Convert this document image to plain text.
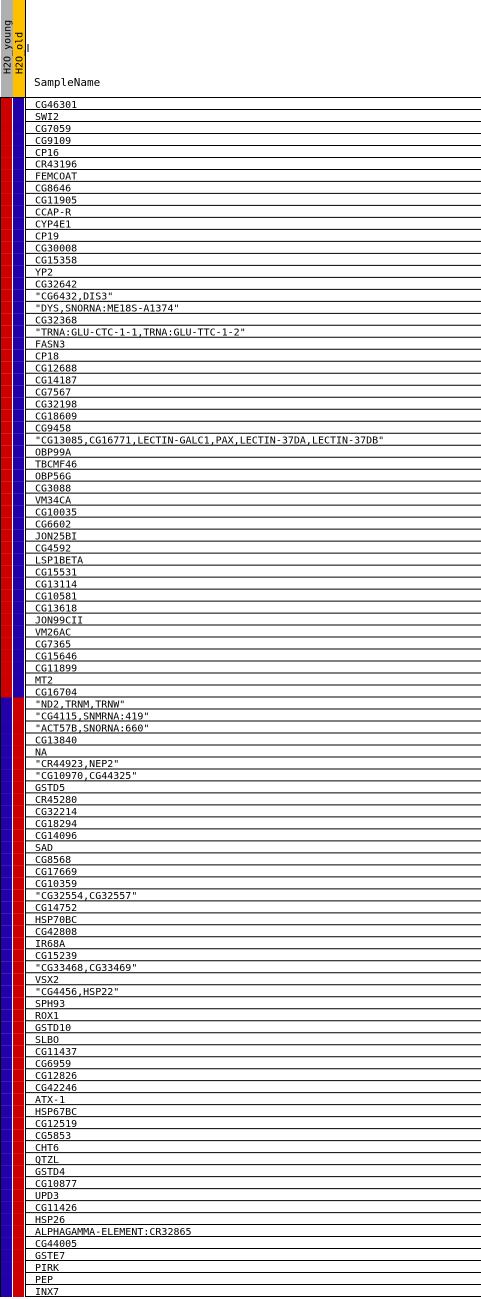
H2O_young H2O_old
SampleName
CG46301
SWI2
CG7059
CG9109
CP16
CR43196
FEMCOAT
CG8646
CG11905
CCAP-R
CYP4E1
CP19
CG30008
CG15358
YP2
CG32642
"CG6432,DIS3"
"DYS,SNORNA:ME18S-A1374"
CG32368
"TRNA:GLU-CTC-1-1,TRNA:GLU-TTC-1-2"
FASN3
CP18
CG12688
CG14187
CG7567
CG32198
CG18609
CG9458
"CG13085,CG16771,LECTIN-GALC1,PAX,LECTIN-37DA,LECTIN-37DB"
OBP99A
TBCMF46
OBP56G
CG3088
VM34CA
CG10035
CG6602
JON25BI
CG4592
LSP1BETA
CG15531
CG13114
CG10581
CG13618
JON99CII
VM26AC
CG7365
CG15646
CG11899
MT2
CG16704
"ND2,TRNM,TRNW"
"CG4115,SNMRNA:419"
"ACT57B,SNORNA:660"
CG13840
NA
"CR44923,NEP2"
"CG10970,CG44325"
GSTD5
CR45280
CG32214
CG18294
CG14096
SAD
CG8568
CG17669
CG10359
"CG32554,CG32557"
CG14752
HSP70BC
CG42808
IR68A
CG15239
"CG33468,CG33469"
VSX2
"CG4456,HSP22"
SPH93
ROX1
GSTD10
SLBO
CG11437
CG6959
CG12826
CG42246
ATX-1
HSP67BC
CG12519
CG5853
CHT6
QTZL
GSTD4
CG10877
UPD3
CG11426
HSP26
ALPHAGAMMA-ELEMENT:CR32865
CG44005
GSTE7
PIRK
PEP
INX7
